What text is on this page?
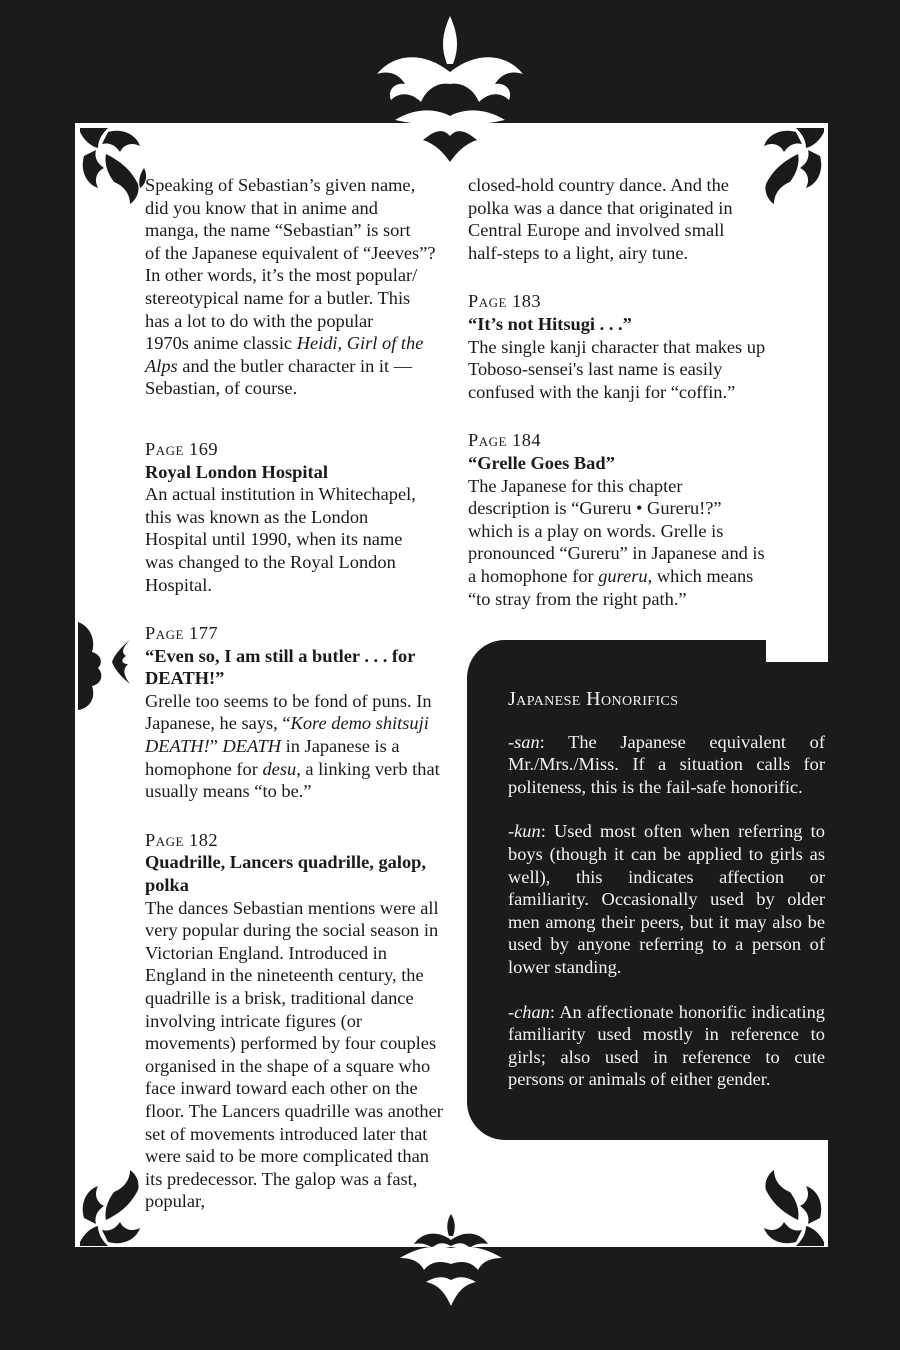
Speaking of Sebastian’s given name,
did you know that in anime and
manga, the name “Sebastian” is sort
of the Japanese equivalent of “Jeeves”?
In other words, it’s the most popular/
stereotypical name for a butler. This
has a lot to do with the popular
1970s anime classic Heidi, Girl of the
Alps and the butler character in it —
Sebastian, of course.

Page 169

Royal London Hospital

An actual institution in Whitechapel, this was known as the London Hospital until 1990, when its name was changed to the Royal London Hospital.

Page 177

“Even so, I am still a butler . . . for DEATH!”

Grelle too seems to be fond of puns. In Japanese, he says, “Kore demo shitsuji DEATH!” DEATH in Japanese is a homophone for desu, a linking verb that usually means “to be.”

Page 182

Quadrille, Lancers quadrille, galop, polka

The dances Sebastian mentions were all very popular during the social season in Victorian England. Introduced in England in the nineteenth century, the quadrille is a brisk, traditional dance involving intricate figures (or movements) performed by four couples organised in the shape of a square who face inward toward each other on the floor. The Lancers quadrille was another set of movements introduced later that were said to be more complicated than its predecessor. The galop was a fast, popular,

closed-hold country dance. And the polka was a dance that originated in Central Europe and involved small half-steps to a light, airy tune.

Page 183

“It’s not Hitsugi . . .”

The single kanji character that makes up Toboso-sensei's last name is easily confused with the kanji for “coffin.”

Page 184

“Grelle Goes Bad”

The Japanese for this chapter description is “Gureru • Gureru!?” which is a play on words. Grelle is pronounced “Gureru” in Japanese and is a homophone for gureru, which means “to stray from the right path.”

Japanese Honorifics

-san: The Japanese equivalent of Mr./Mrs./Miss. If a situation calls for politeness, this is the fail-safe honorific.

-kun: Used most often when referring to boys (though it can be applied to girls as well), this indicates affection or familiarity. Occasionally used by older men among their peers, but it may also be used by anyone referring to a person of lower standing.

-chan: An affectionate honorific indicating familiarity used mostly in reference to girls; also used in reference to cute persons or animals of either gender.
